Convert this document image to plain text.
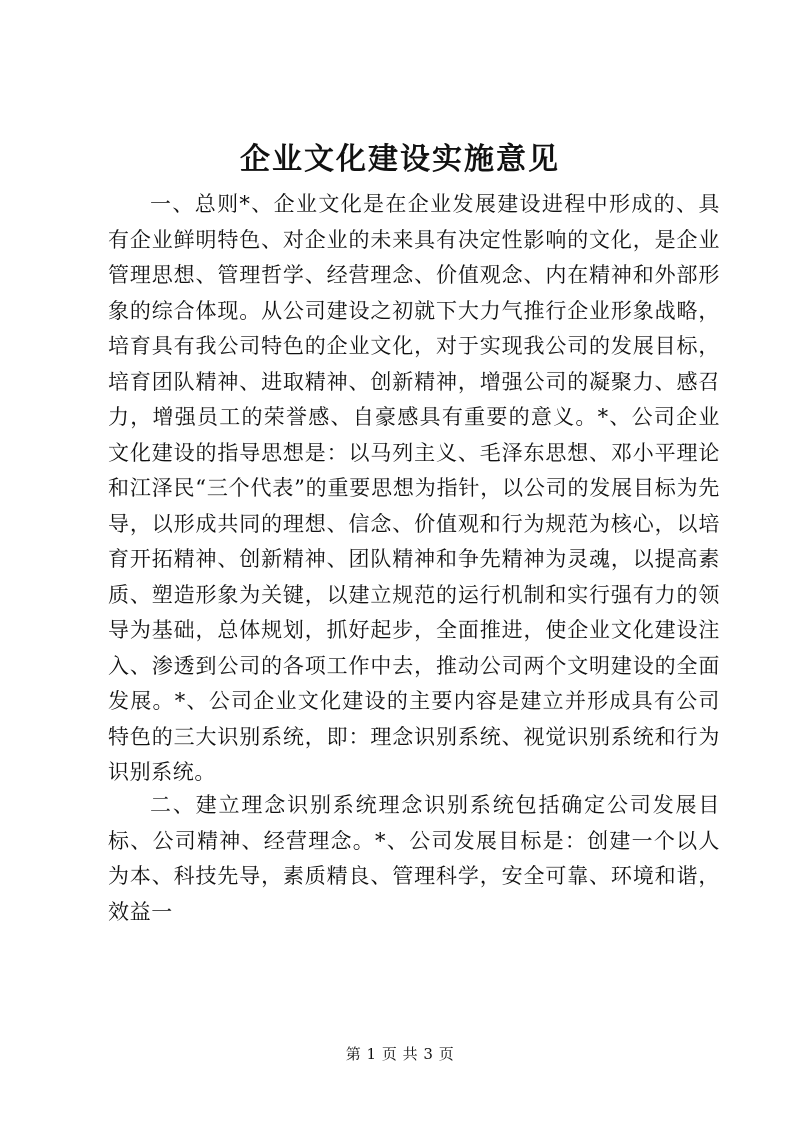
企业文化建设实施意见

一、总则*、企业文化是在企业发展建设进程中形成的、具有企业鲜明特色、对企业的未来具有决定性影响的文化，是企业管理思想、管理哲学、经营理念、价值观念、内在精神和外部形象的综合体现。从公司建设之初就下大力气推行企业形象战略，培育具有我公司特色的企业文化，对于实现我公司的发展目标，培育团队精神、进取精神、创新精神，增强公司的凝聚力、感召力，增强员工的荣誉感、自豪感具有重要的意义。*、公司企业文化建设的指导思想是：以马列主义、毛泽东思想、邓小平理论和江泽民“三个代表”的重要思想为指针，以公司的发展目标为先导，以形成共同的理想、信念、价值观和行为规范为核心，以培育开拓精神、创新精神、团队精神和争先精神为灵魂，以提高素质、塑造形象为关键，以建立规范的运行机制和实行强有力的领导为基础，总体规划，抓好起步，全面推进，使企业文化建设注入、渗透到公司的各项工作中去，推动公司两个文明建设的全面发展。*、公司企业文化建设的主要内容是建立并形成具有公司特色的三大识别系统，即：理念识别系统、视觉识别系统和行为识别系统。

二、建立理念识别系统理念识别系统包括确定公司发展目标、公司精神、经营理念。*、公司发展目标是：创建一个以人为本、科技先导，素质精良、管理科学，安全可靠、环境和谐，效益一

第 1 页 共 3 页
